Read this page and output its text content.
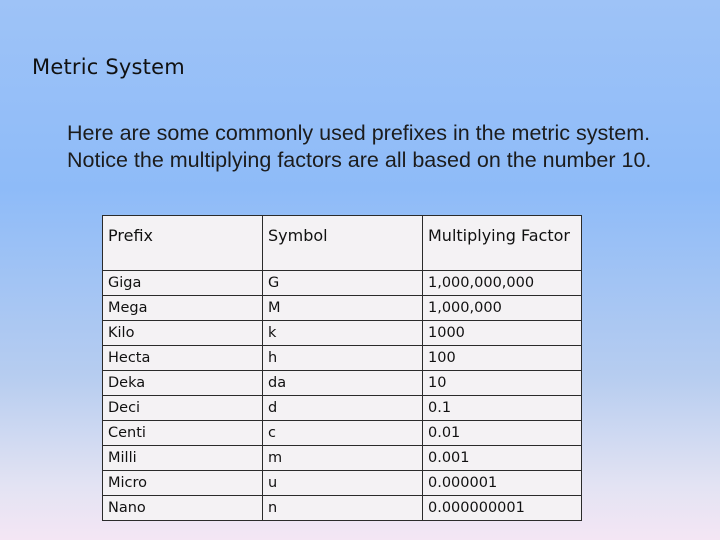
Metric System
Here are some commonly used prefixes in the metric system. Notice the multiplying factors are all based on the number 10.
Prefix	Symbol	Multiplying Factor
Giga	G	1,000,000,000
Mega	M	1,000,000
Kilo	k	1000
Hecta	h	100
Deka	da	10
Deci	d	0.1
Centi	c	0.01
Milli	m	0.001
Micro	u	0.000001
Nano	n	0.000000001
